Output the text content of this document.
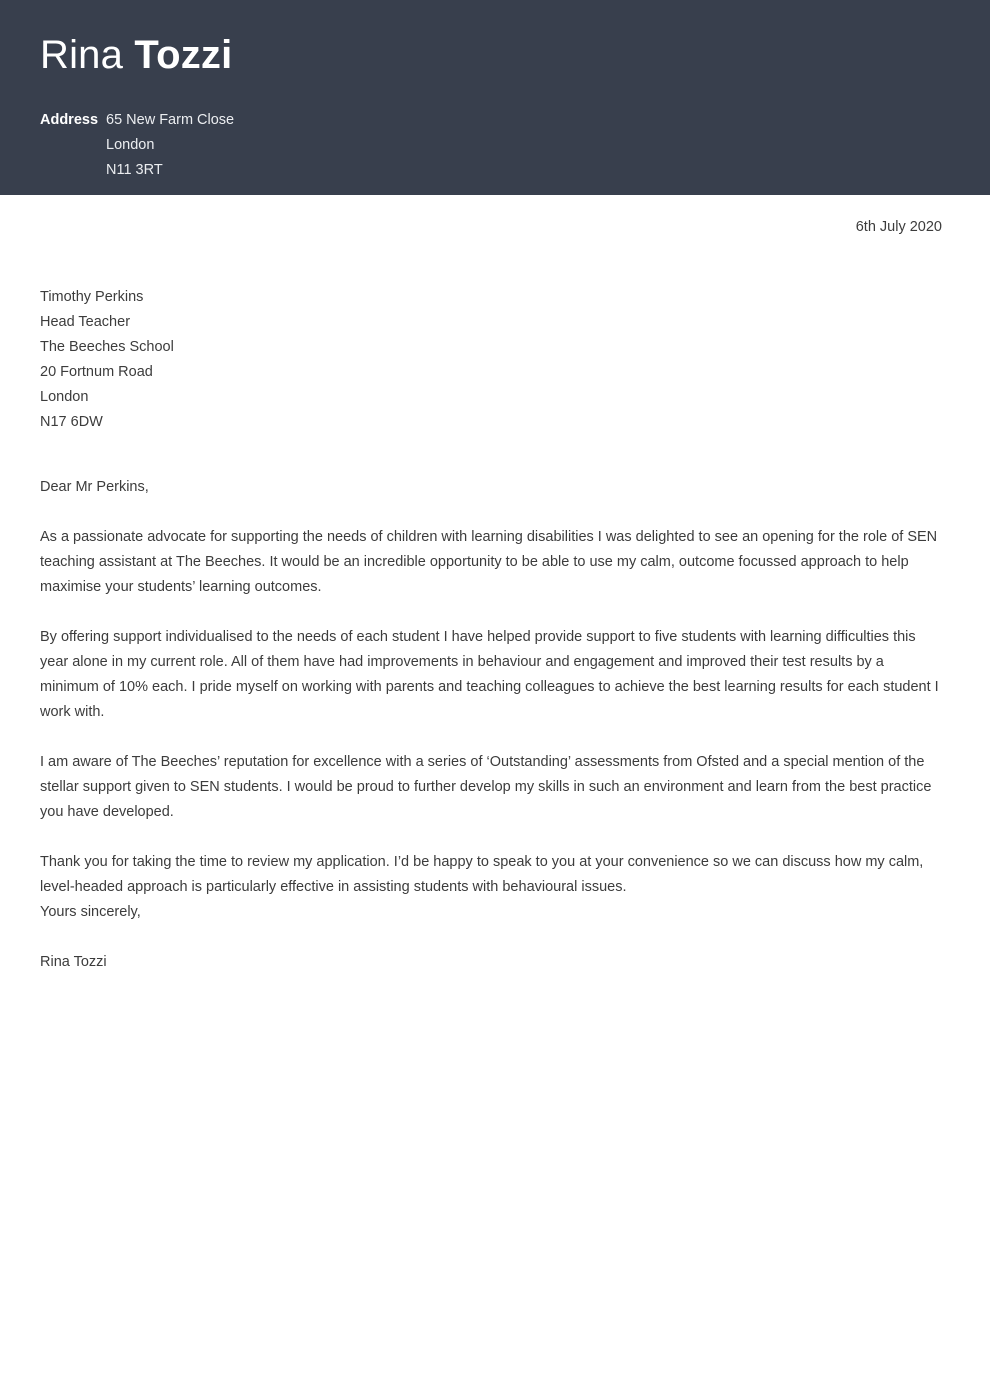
Rina Tozzi
Address 65 New Farm Close
London
N11 3RT
6th July 2020
Timothy Perkins
Head Teacher
The Beeches School
20 Fortnum Road
London
N17 6DW
Dear Mr Perkins,

As a passionate advocate for supporting the needs of children with learning disabilities I was delighted to see an opening for the role of SEN teaching assistant at The Beeches. It would be an incredible opportunity to be able to use my calm, outcome focussed approach to help maximise your students’ learning outcomes.

By offering support individualised to the needs of each student I have helped provide support to five students with learning difficulties this year alone in my current role. All of them have had improvements in behaviour and engagement and improved their test results by a minimum of 10% each. I pride myself on working with parents and teaching colleagues to achieve the best learning results for each student I work with.

I am aware of The Beeches’ reputation for excellence with a series of ‘Outstanding’ assessments from Ofsted and a special mention of the stellar support given to SEN students. I would be proud to further develop my skills in such an environment and learn from the best practice you have developed.

Thank you for taking the time to review my application. I’d be happy to speak to you at your convenience so we can discuss how my calm, level-headed approach is particularly effective in assisting students with behavioural issues.

Yours sincerely,
Rina Tozzi
